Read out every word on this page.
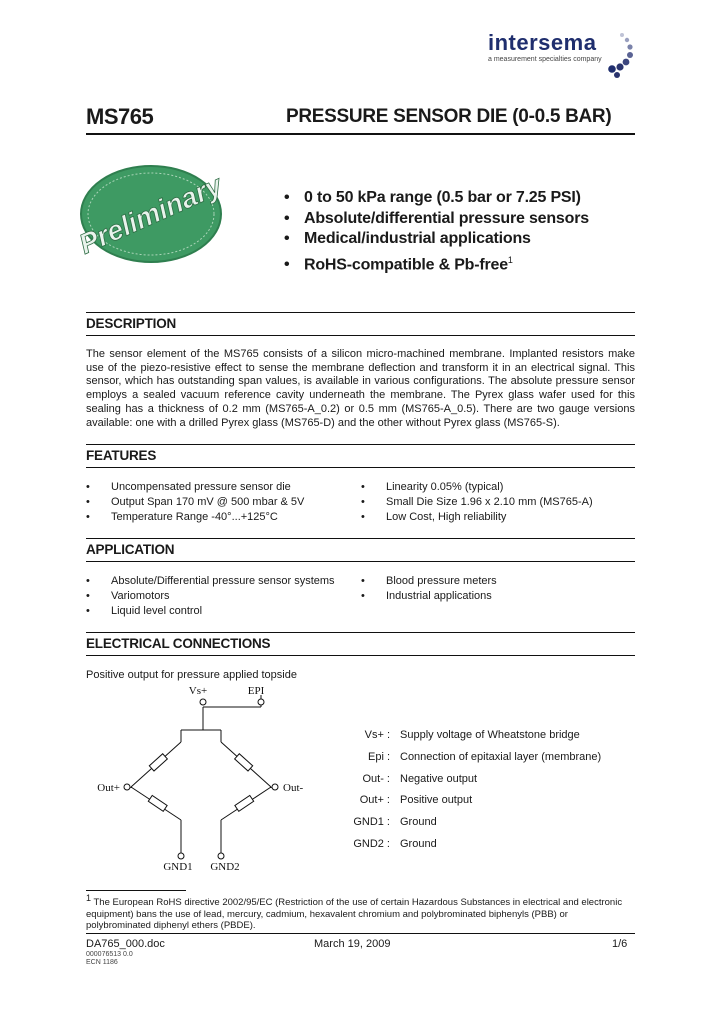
intersema
a measurement specialties company
MS765	PRESSURE SENSOR DIE (0-0.5 BAR)
Preliminary
•	0 to 50 kPa range (0.5 bar or 7.25 PSI)
• Absolute/differential pressure sensors
• Medical/industrial applications
• RoHS-compatible & Pb-free$^1$
DESCRIPTION

The sensor element of the MS765 consists of a silicon micro-machined membrane. Implanted resistors make use of the piezo-resistive effect to sense the membrane deflection and transform it in an electrical signal. This sensor, which has outstanding span values, is available in various configurations. The absolute pressure sensor employs a sealed vacuum reference cavity underneath the membrane. The Pyrex glass wafer used for this sealing has a thickness of 0.2 mm (MS765-A_0.2) or 0.5 mm (MS765-A_0.5). There are two gauge versions available: one with a drilled Pyrex glass (MS765-D) and the other without Pyrex glass (MS765-S).

FEATURES
• Uncompensated pressure sensor die
• Output Span 170 mV @ 500 mbar & 5V
• Temperature Range -40°...+125°C
• Linearity 0.05% (typical)
• Small Die Size 1.96 x 2.10 mm (MS765-A)
• Low Cost, High reliability
APPLICATION
• Absolute/Differential pressure sensor systems
• Variomotors
• Liquid level control
• Blood pressure meters
• Industrial applications
ELECTRICAL CONNECTIONS
Positive output for pressure applied topside
Vs+	EPI
Out+	Out-
GND1 GND2
Vs+ : Supply voltage of Wheatstone bridge
Epi : Connection of epitaxial layer (membrane)
Out- : Negative output
Out+ : Positive output
GND1 : Ground
GND2 : Ground
$^1$ The European RoHS directive 2002/95/EC (Restriction of the use of certain Hazardous Substances in electrical and electronic equipment) bans the use of lead, mercury, cadmium, hexavalent chromium and polybrominated biphenyls (PBB) or polybrominated diphenyl ethers (PBDE).
DA765_000.doc	March 19, 2009	1/6
000076513 0.0
ECN 1186
